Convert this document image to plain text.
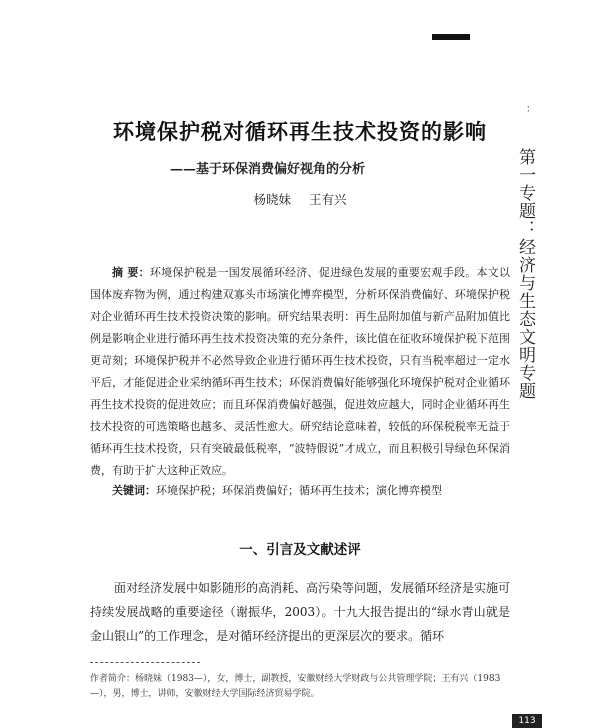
：
第一专题：经济与生态文明专题
环境保护税对循环再生技术投资的影响
——基于环保消费偏好视角的分析
杨晓妹 王有兴

摘 要：环境保护税是一国发展循环经济、促进绿色发展的重要宏观手段。本文以国体废弃物为例，通过构建双寡头市场演化博弈模型，分析环保消费偏好、环境保护税对企业循环再生技术投资决策的影响。研究结果表明：再生品附加值与新产品附加值比例是影响企业进行循环再生技术投资决策的充分条件，该比值在征收环境保护税下范围更苛刻；环境保护税并不必然导致企业进行循环再生技术投资，只有当税率超过一定水平后，才能促进企业采纳循环再生技术；环保消费偏好能够强化环境保护税对企业循环再生技术投资的促进效应；而且环保消费偏好越强，促进效应越大，同时企业循环再生技术投资的可选策略也越多、灵活性愈大。研究结论意味着，较低的环保税税率无益于循环再生技术投资，只有突破最低税率，“波特假说”才成立，而且积极引导绿色环保消费，有助于扩大这种正效应。

关键词：环境保护税；环保消费偏好；循环再生技术；演化博弈模型

一、引言及文献述评

面对经济发展中如影随形的高消耗、高污染等问题，发展循环经济是实施可持续发展战略的重要途径（谢振华，2003）。十九大报告提出的“绿水青山就是金山银山”的工作理念，是对循环经济提出的更深层次的要求。循环

作者简介：杨晓妹（1983—），女，博士，副教授，安徽财经大学财政与公共管理学院；王有兴（1983—），男，博士，讲师，安徽财经大学国际经济贸易学院。

113
